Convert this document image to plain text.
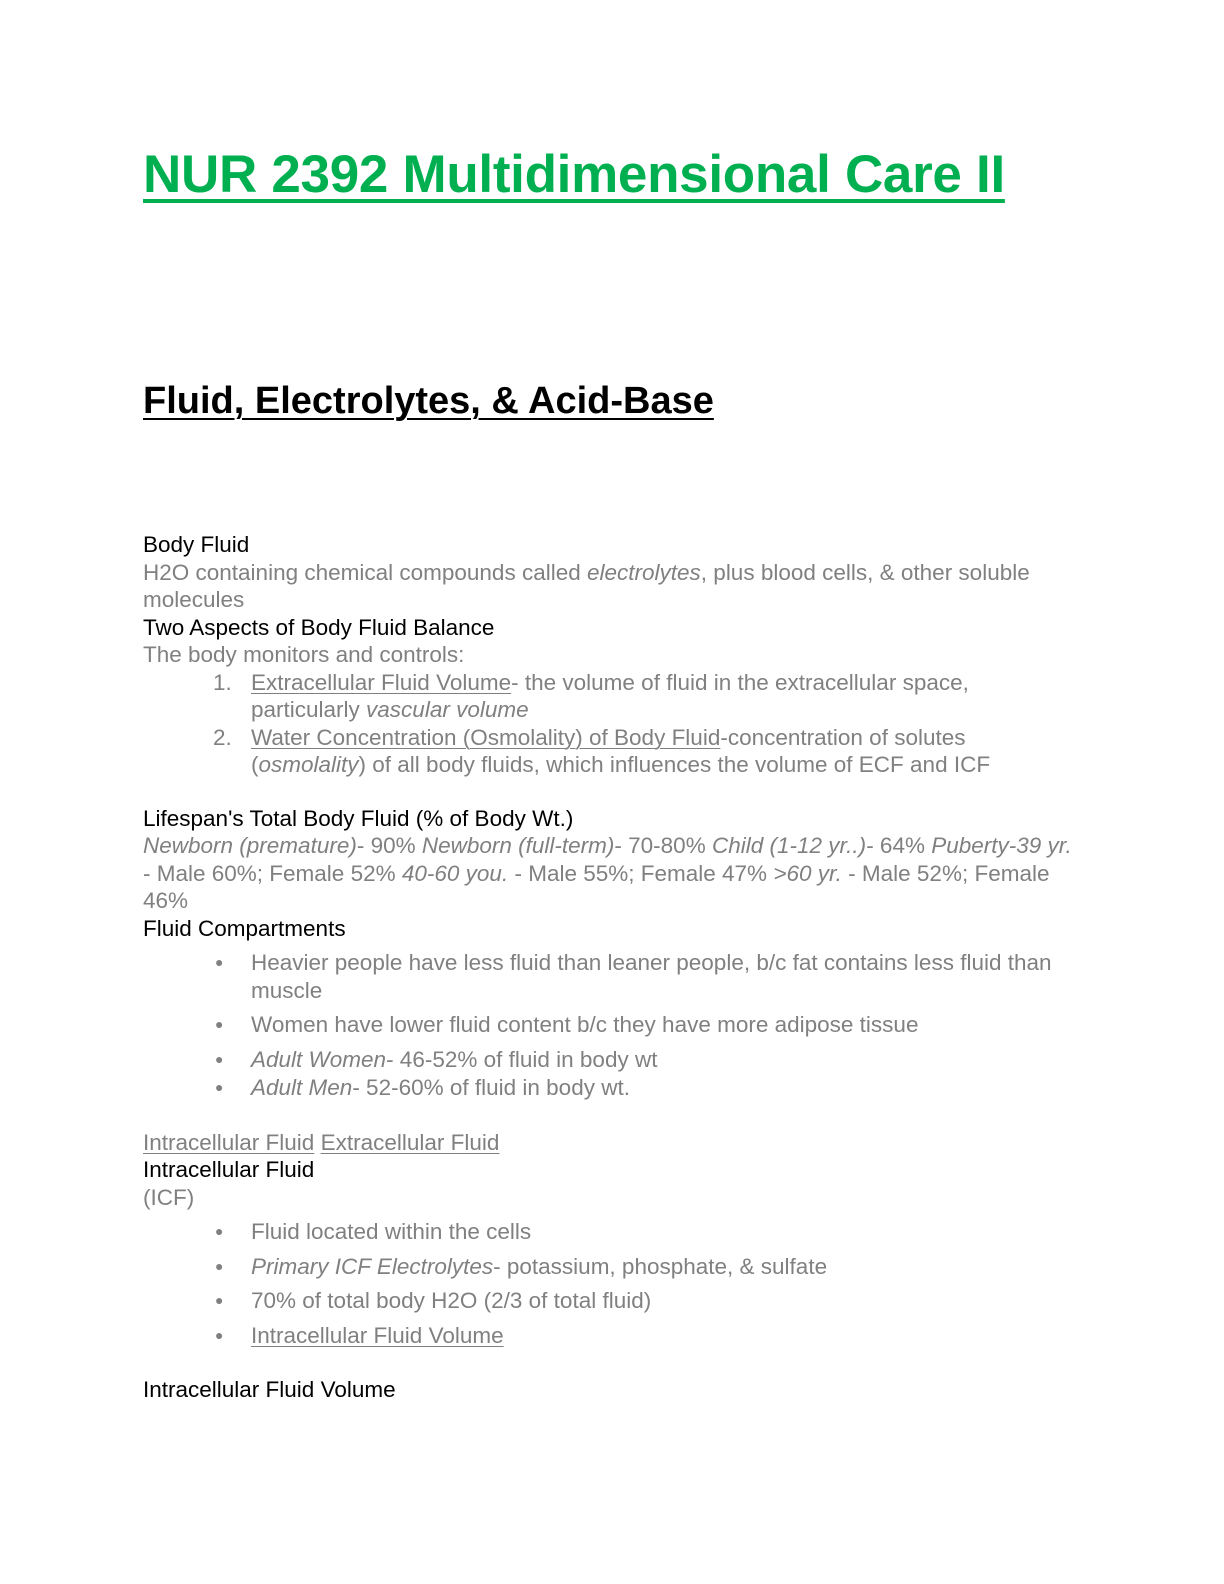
NUR 2392 Multidimensional Care II
Fluid, Electrolytes, & Acid-Base

Body Fluid

H2O containing chemical compounds called electrolytes, plus blood cells, & other soluble molecules

Two Aspects of Body Fluid Balance

The body monitors and controls:

1. Extracellular Fluid Volume- the volume of fluid in the extracellular space, particularly vascular volume
2. Water Concentration (Osmolality) of Body Fluid-concentration of solutes (osmolality) of all body fluids, which influences the volume of ECF and ICF

Lifespan's Total Body Fluid (% of Body Wt.)

Newborn (premature)- 90% Newborn (full-term)- 70-80% Child (1-12 yr..)- 64% Puberty-39 yr. - Male 60%; Female 52% 40-60 you. - Male 55%; Female 47% >60 yr. - Male 52%; Female 46%

Fluid Compartments

● Heavier people have less fluid than leaner people, b/c fat contains less fluid than muscle
● Women have lower fluid content b/c they have more adipose tissue
● Adult Women- 46-52% of fluid in body wt
● Adult Men- 52-60% of fluid in body wt.

Intracellular Fluid Extracellular Fluid

Intracellular Fluid

(ICF)

● Fluid located within the cells
● Primary ICF Electrolytes- potassium, phosphate, & sulfate
● 70% of total body H2O (2/3 of total fluid)
● Intracellular Fluid Volume

Intracellular Fluid Volume
